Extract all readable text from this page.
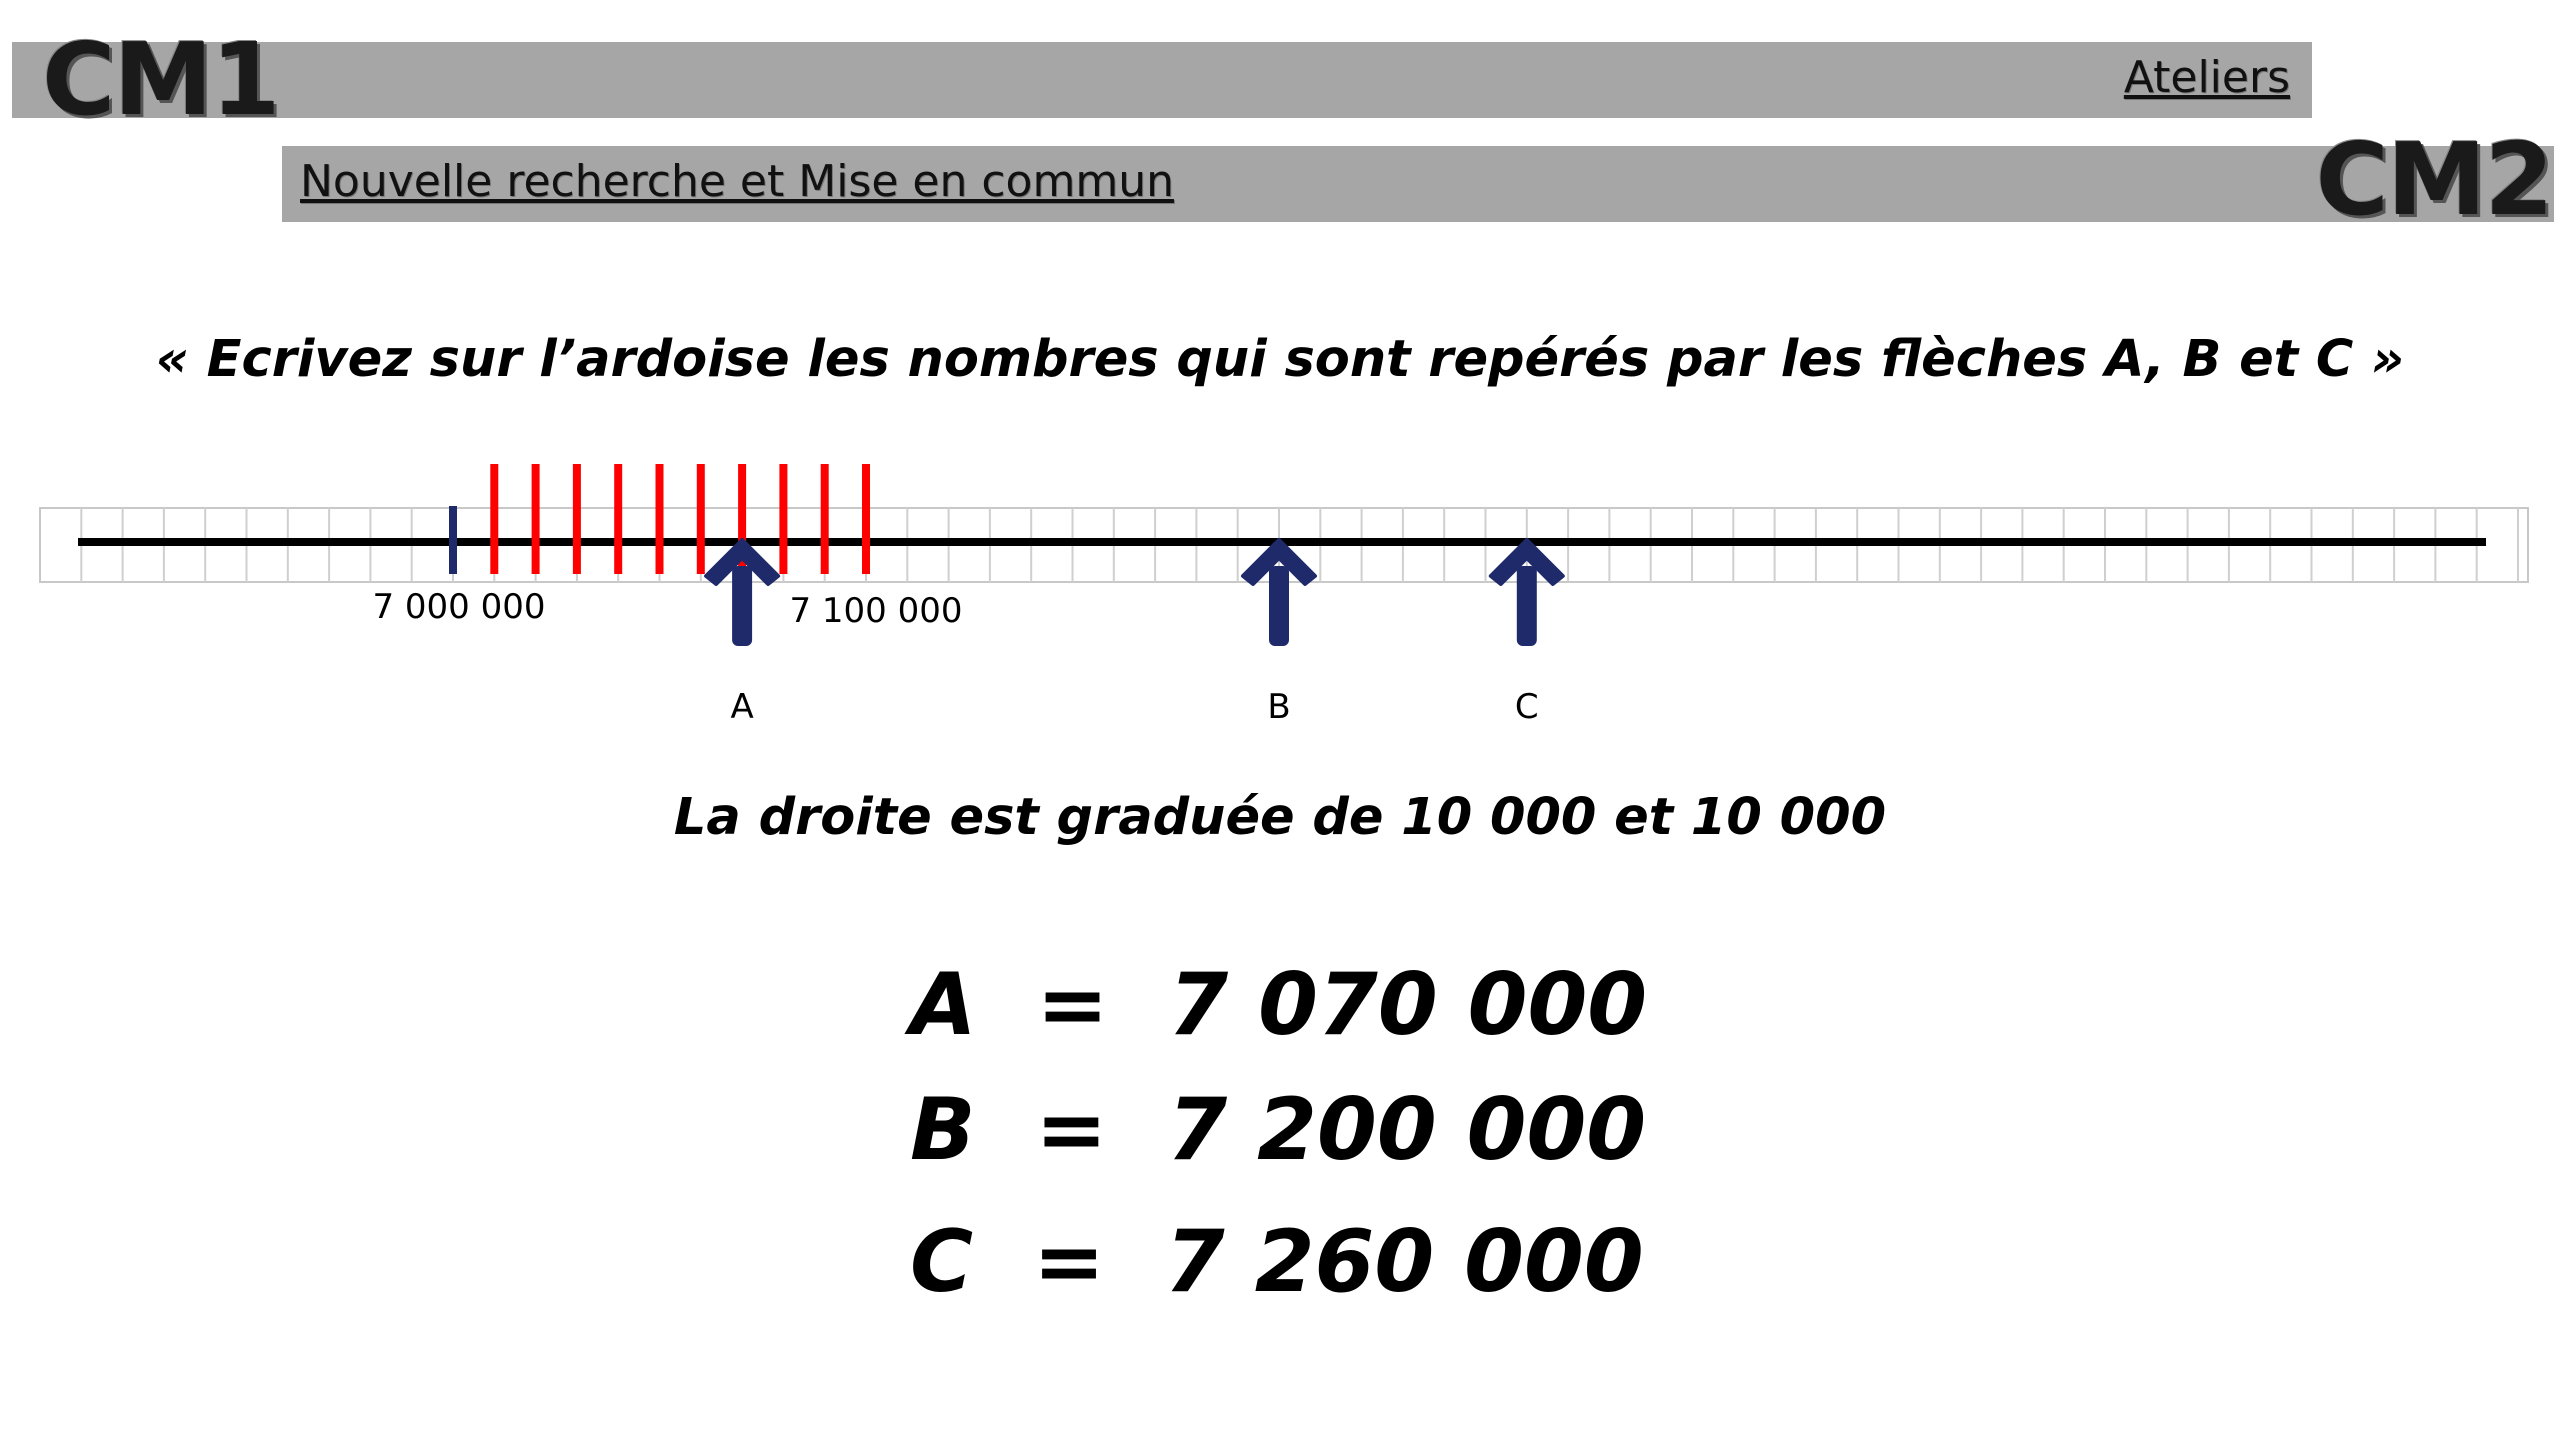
CM1
CM2
Ateliers
Nouvelle recherche et Mise en commun
« Ecrivez sur l’ardoise les nombres qui sont repérés par les flèches A, B et C »
A	B	C
7 000 000	7 100 000
La droite est graduée de 10 000 et 10 000
A  =  7 070 000
B  =  7 200 000
C  =  7 260 000
